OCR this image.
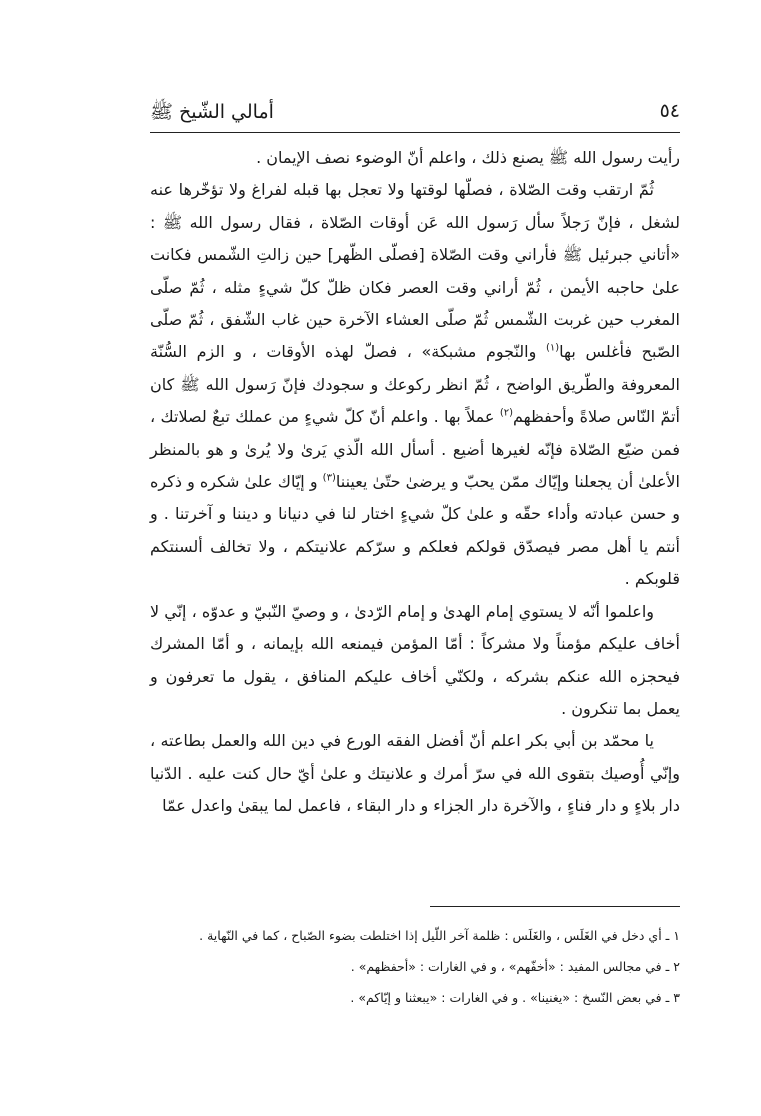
٥٤
أمالي الشّيخ ﷺ

رأيت رسول الله ﷺ يصنع ذلك ، واعلم أنّ الوضوء نصف الإيمان .

ثُمّ ارتقب وقت الصّلاة ، فصلّها لوقتها ولا تعجل بها قبله لفراغ ولا تؤخّرها عنه لشغل ، فإنّ رَجلاً سأل رَسول الله عَن أوقات الصّلاة ، فقال رسول الله ﷺ : «أتاني جبرئيل ﷺ فأراني وقت الصّلاة [فصلّى الظّهر] حين زالتِ الشّمس فكانت علىٰ حاجبه الأيمن ، ثُمّ أراني وقت العصر فكان ظلّ كلّ شيءٍ مثله ، ثُمّ صلّى المغرب حين غربت الشّمس ثُمّ صلّى العشاء الآخرة حين غاب الشّفق ، ثُمّ صلّى الصّبح فأغلس بها$^{(١)}$ والنّجوم مشبكة» ، فصلّ لهذه الأوقات ، و الزم السُّنّة المعروفة والطّريق الواضح ، ثُمّ انظر ركوعك و سجودك فإنّ رَسول الله ﷺ كان أتمّ النّاس صلاةً وأحفظهم$^{(٢)}$ عملاً بها . واعلم أنّ كلّ شيءٍ من عملك تبعٌ لصلاتك ، فمن ضيّع الصّلاة فإنّه لغيرها أضيع . أسأل الله الّذي يَرىٰ ولا يُرىٰ و هو بالمنظر الأعلىٰ أن يجعلنا وإيّاك ممّن يحبّ و يرضىٰ حتّىٰ يعيننا$^{(٣)}$ و إيّاك علىٰ شكره و ذكره و حسن عبادته وأداء حقّه و علىٰ كلّ شيءٍ اختار لنا في دنيانا و ديننا و آخرتنا . و أنتم يا أهل مصر فيصدّق قولكم فعلكم و سرّكم علانيتكم ، ولا تخالف ألسنتكم قلوبكم .

واعلموا أنّه لا يستوي إمام الهدىٰ و إمام الرّدىٰ ، و وصيّ النّبيّ و عدوّه ، إنّي لا أخاف عليكم مؤمناً ولا مشركاً : أمّا المؤمن فيمنعه الله بإيمانه ، و أمّا المشرك فيحجزه الله عنكم بشركه ، ولكنّي أخاف عليكم المنافق ، يقول ما تعرفون و يعمل بما تنكرون .

يا محمّد بن أبي بكر اعلم أنّ أفضل الفقه الورع في دين الله والعمل بطاعته ، وإنّي أُوصيك بتقوى الله في سرّ أمرك و علانيتك و علىٰ أيّ حال كنت عليه . الدّنيا دار بلاءٍ و دار فناءٍ ، والآخرة دار الجزاء و دار البقاء ، فاعمل لما يبقىٰ واعدل عمّا

١ ـ أي دخل في الغَلَس ، والغَلَس : ظلمة آخر اللّيل إذا اختلطت بضوء الصّباح ، كما في النّهاية .

٢ ـ في مجالس المفيد : «أخفّهم» ، و في الغارات : «أحفظهم» .

٣ ـ في بعض النّسخ : «يغنينا» . و في الغارات : «يبعثنا و إيّاكم» .
